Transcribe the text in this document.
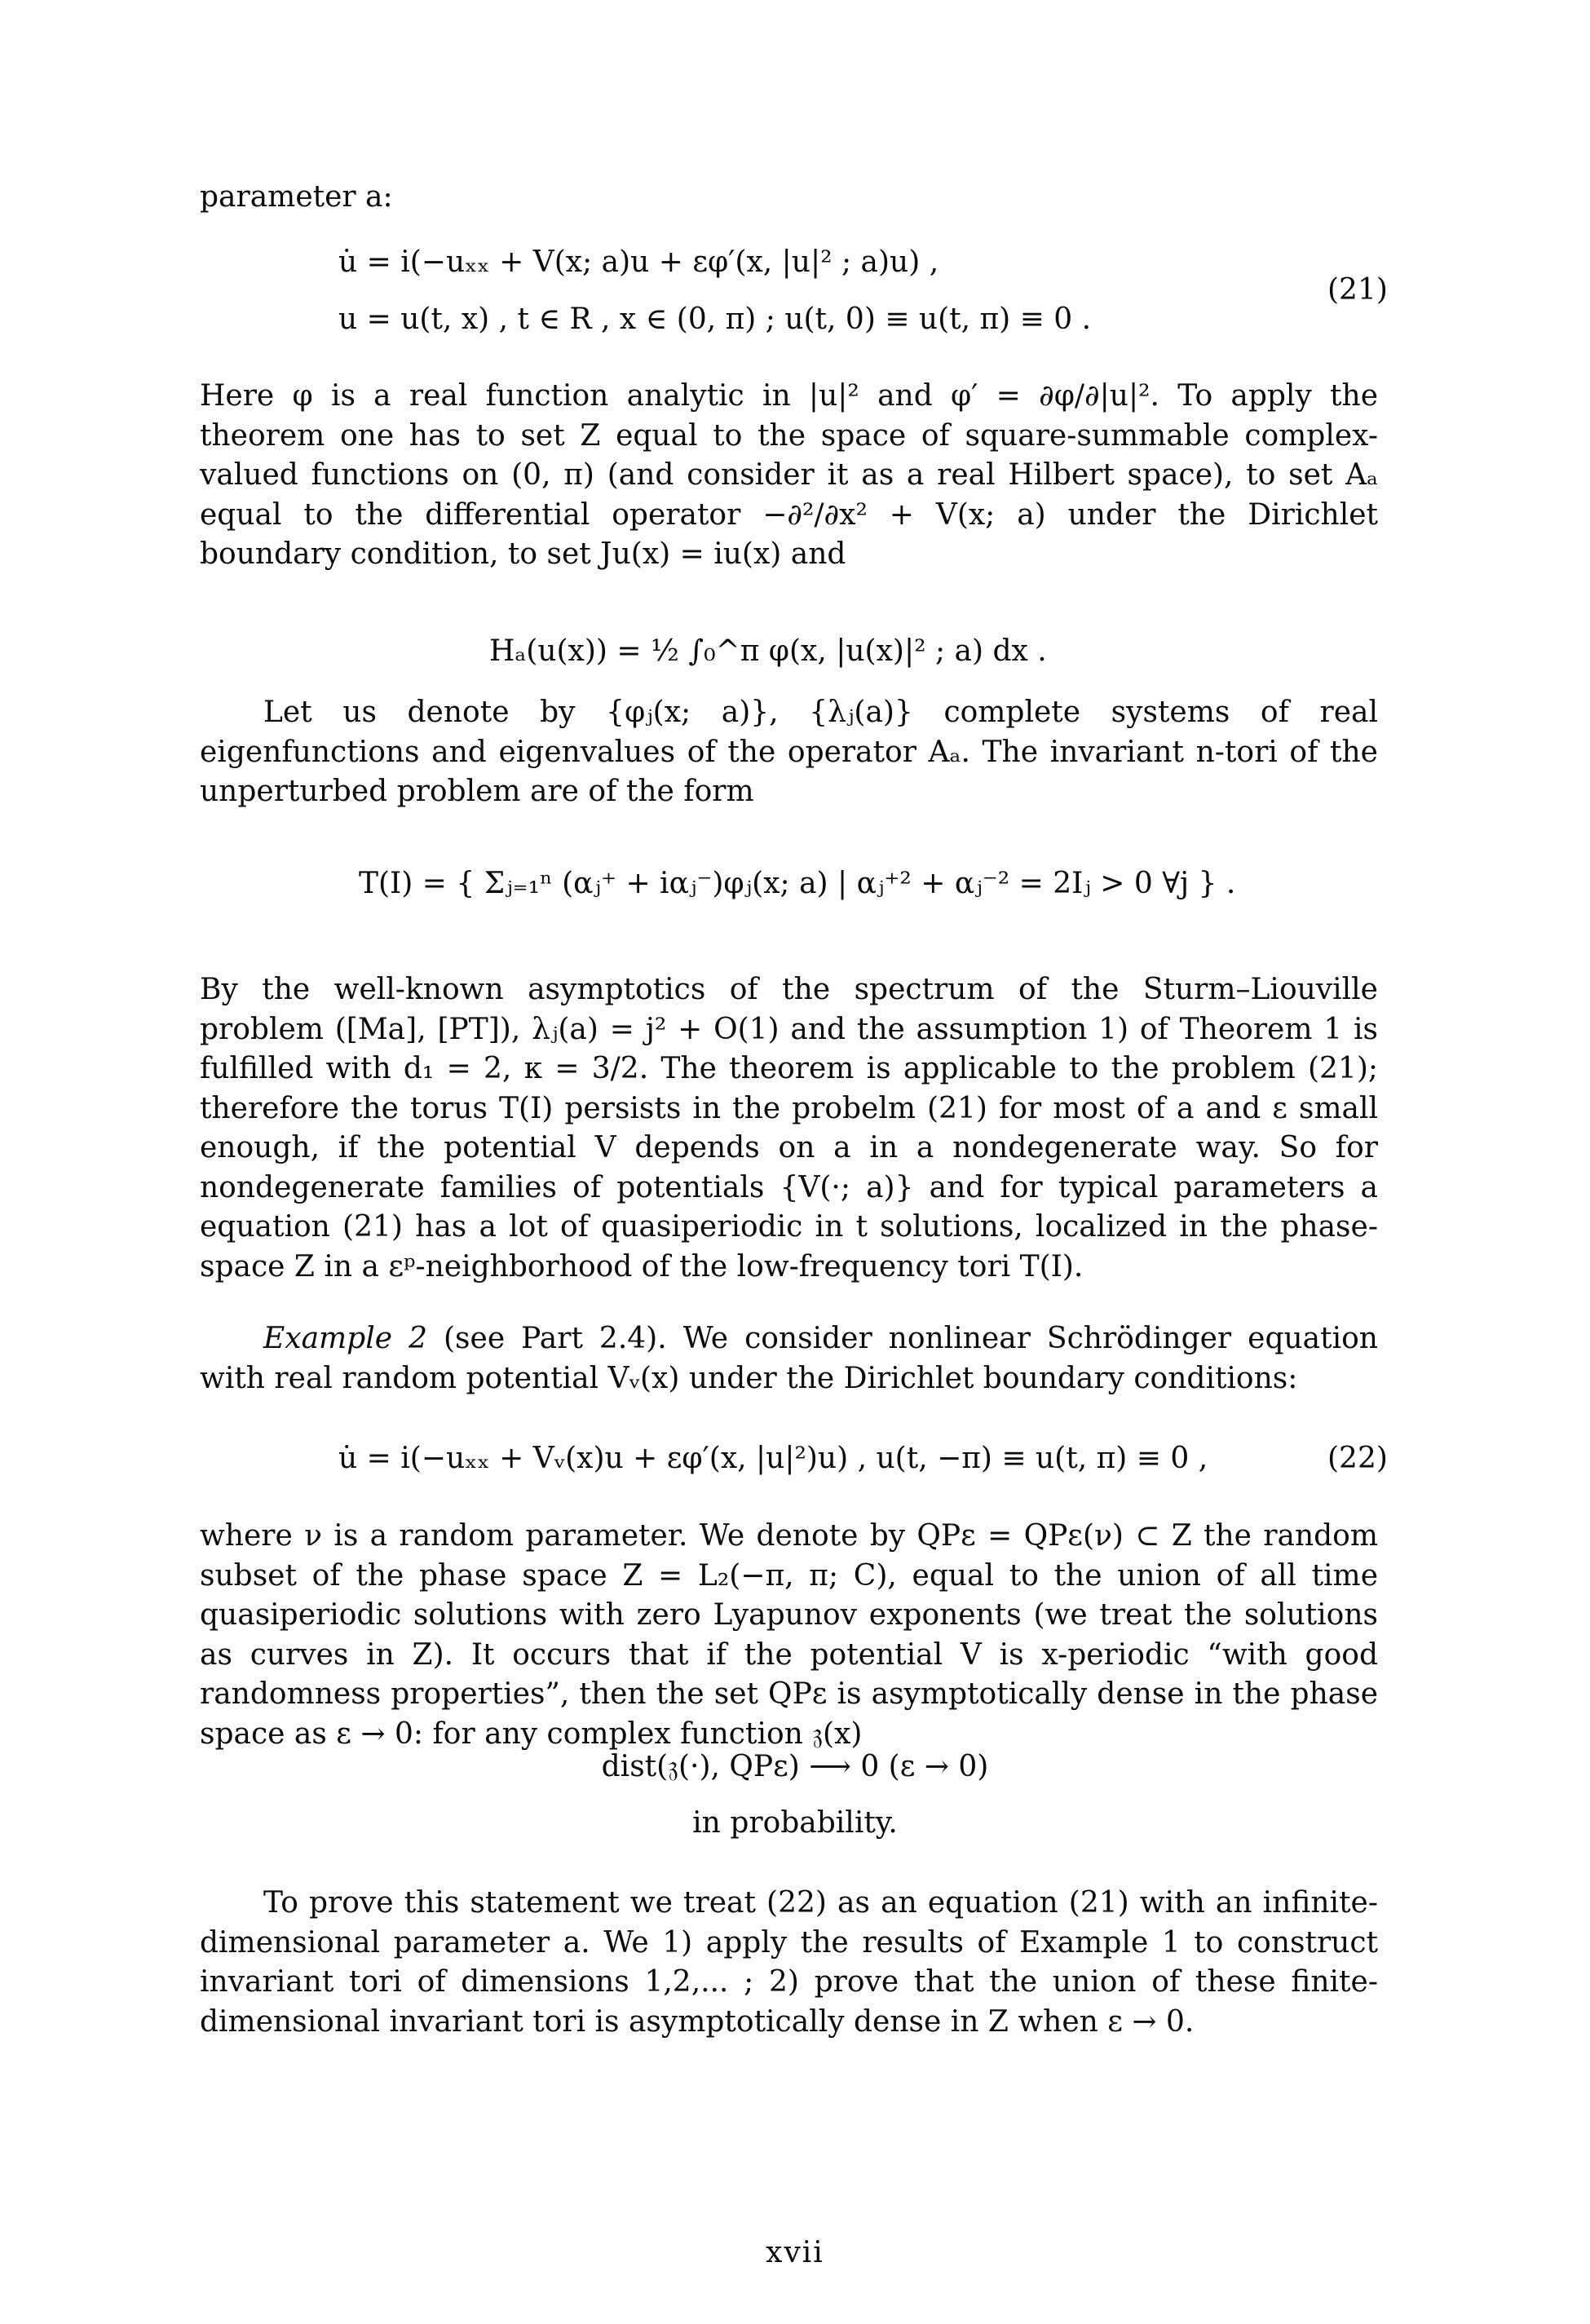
parameter a:

u̇ = i(−uₓₓ + V(x; a)u + εφ′(x, |u|² ; a)u) ,
u = u(t, x) , t ∈ R , x ∈ (0, π) ; u(t, 0) ≡ u(t, π) ≡ 0 .
(21)

Here φ is a real function analytic in |u|² and φ′ = ∂φ/∂|u|². To apply the theorem one has to set Z equal to the space of square-summable complex-valued functions on (0, π) (and consider it as a real Hilbert space), to set Aₐ equal to the differential operator −∂²/∂x² + V(x; a) under the Dirichlet boundary condition, to set Ju(x) = iu(x) and

Hₐ(u(x)) = ½ ∫₀^π φ(x, |u(x)|² ; a) dx .

Let us denote by {φⱼ(x; a)}, {λⱼ(a)} complete systems of real eigenfunctions and eigenvalues of the operator Aₐ. The invariant n-tori of the unperturbed problem are of the form

T(I) = { Σⱼ₌₁ⁿ (αⱼ⁺ + iαⱼ⁻)φⱼ(x; a) | αⱼ⁺² + αⱼ⁻² = 2Iⱼ > 0 ∀j } .

By the well-known asymptotics of the spectrum of the Sturm–Liouville problem ([Ma], [PT]), λⱼ(a) = j² + O(1) and the assumption 1) of Theorem 1 is fulfilled with d₁ = 2, κ = 3/2. The theorem is applicable to the problem (21); therefore the torus T(I) persists in the probelm (21) for most of a and ε small enough, if the potential V depends on a in a nondegenerate way. So for nondegenerate families of potentials {V(·; a)} and for typical parameters a equation (21) has a lot of quasiperiodic in t solutions, localized in the phase-space Z in a εᵖ-neighborhood of the low-frequency tori T(I).

Example 2 (see Part 2.4). We consider nonlinear Schrödinger equation with real random potential Vᵥ(x) under the Dirichlet boundary conditions:

u̇ = i(−uₓₓ + Vᵥ(x)u + εφ′(x, |u|²)u) , u(t, −π) ≡ u(t, π) ≡ 0 ,	(22)

where ν is a random parameter. We denote by QPε = QPε(ν) ⊂ Z the random subset of the phase space Z = L₂(−π, π; C), equal to the union of all time quasiperiodic solutions with zero Lyapunov exponents (we treat the solutions as curves in Z). It occurs that if the potential V is x-periodic “with good randomness properties”, then the set QPε is asymptotically dense in the phase space as ε → 0: for any complex function 𝔷(x)

dist(𝔷(·), QPε) ⟶ 0 (ε → 0)
in probability.

To prove this statement we treat (22) as an equation (21) with an infinite-dimensional parameter a. We 1) apply the results of Example 1 to construct invariant tori of dimensions 1,2,... ; 2) prove that the union of these finite-dimensional invariant tori is asymptotically dense in Z when ε → 0.

xvii
